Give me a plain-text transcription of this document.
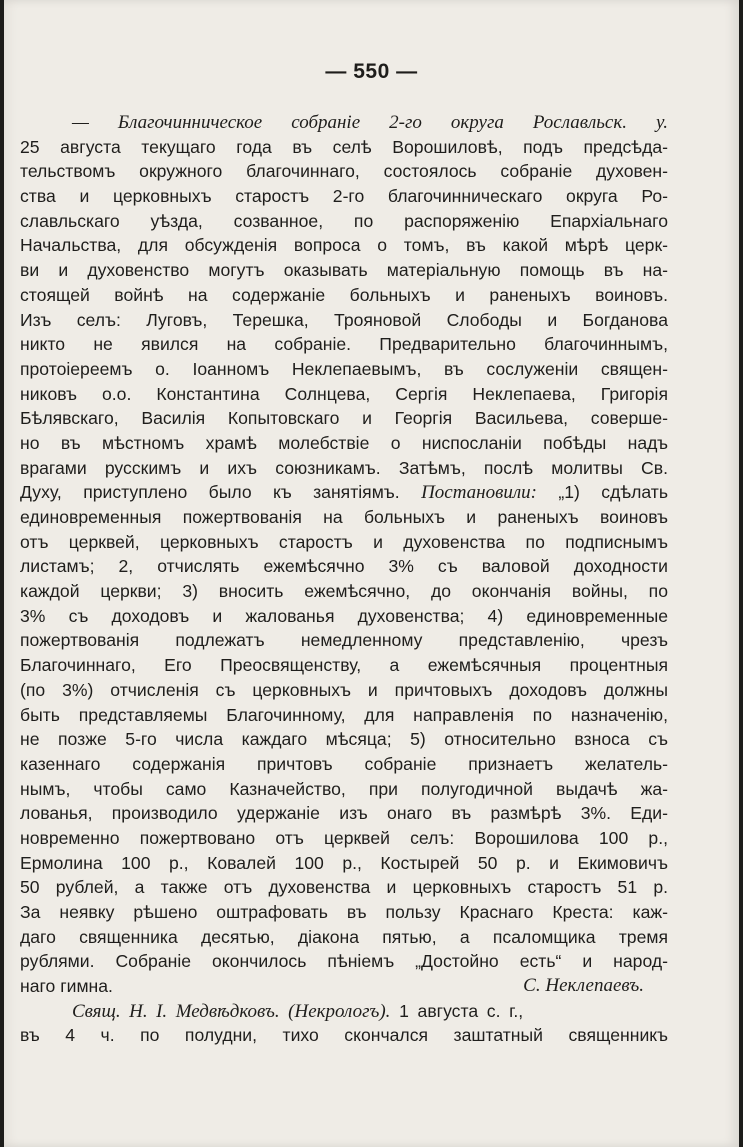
— 550 —
— Благочинническое собраніе 2-го округа Рославльск. у.
25 августа текущаго года въ селѣ Ворошиловѣ, подъ предсѣда-
тельствомъ окружного благочиннаго, состоялось собраніе духовен-
ства и церковныхъ старостъ 2-го благочинническаго округа Ро-
славльскаго уѣзда, созванное, по распоряженію Епархіальнаго
Начальства, для обсужденія вопроса о томъ, въ какой мѣрѣ церк-
ви и духовенство могутъ оказывать матеріальную помощь въ на-
стоящей войнѣ на содержаніе больныхъ и раненыхъ воиновъ.
Изъ селъ: Луговъ, Терешка, Трояновой Слободы и Богданова
никто не явился на собраніе. Предварительно благочиннымъ,
протоіереемъ о. Іоанномъ Неклепаевымъ, въ сослуженіи священ-
никовъ о.о. Константина Солнцева, Сергія Неклепаева, Григорія
Бѣлявскаго, Василія Копытовскаго и Георгія Васильева, соверше-
но въ мѣстномъ храмѣ молебствіе о ниспосланіи побѣды надъ
врагами русскимъ и ихъ союзникамъ. Затѣмъ, послѣ молитвы Св.
Духу, приступлено было къ занятіямъ. Постановили: „1) сдѣлать
единовременныя пожертвованія на больныхъ и раненыхъ воиновъ
отъ церквей, церковныхъ старостъ и духовенства по подписнымъ
листамъ; 2, отчислять ежемѣсячно 3% съ валовой доходности
каждой церкви; 3) вносить ежемѣсячно, до окончанія войны, по
3% съ доходовъ и жалованья духовенства; 4) единовременные
пожертвованія подлежатъ немедленному представленію, чрезъ
Благочиннаго, Его Преосвященству, а ежемѣсячныя процентныя
(по 3%) отчисленія съ церковныхъ и причтовыхъ доходовъ должны
быть представляемы Благочинному, для направленія по назначенію,
не позже 5-го числа каждаго мѣсяца; 5) относительно взноса съ
казеннаго содержанія причтовъ собраніе признаетъ желатель-
нымъ, чтобы само Казначейство, при полугодичной выдачѣ жа-
лованья, производило удержаніе изъ онаго въ размѣрѣ 3%. Еди-
новременно пожертвовано отъ церквей селъ: Ворошилова 100 р.,
Ермолина 100 р., Ковалей 100 р., Костырей 50 р. и Екимовичъ
50 рублей, а также отъ духовенства и церковныхъ старостъ 51 р.
За неявку рѣшено оштрафовать въ пользу Краснаго Креста: каж-
даго священника десятью, діакона пятью, а псаломщика тремя
рублями. Собраніе окончилось пѣніемъ „Достойно есть“ и народ-
наго гимна.	С. Неклепаевъ.
Свящ. Н. І. Медвѣдковъ. (Некрологъ). 1 августа с. г.,
въ 4 ч. по полудни, тихо скончался заштатный священникъ
